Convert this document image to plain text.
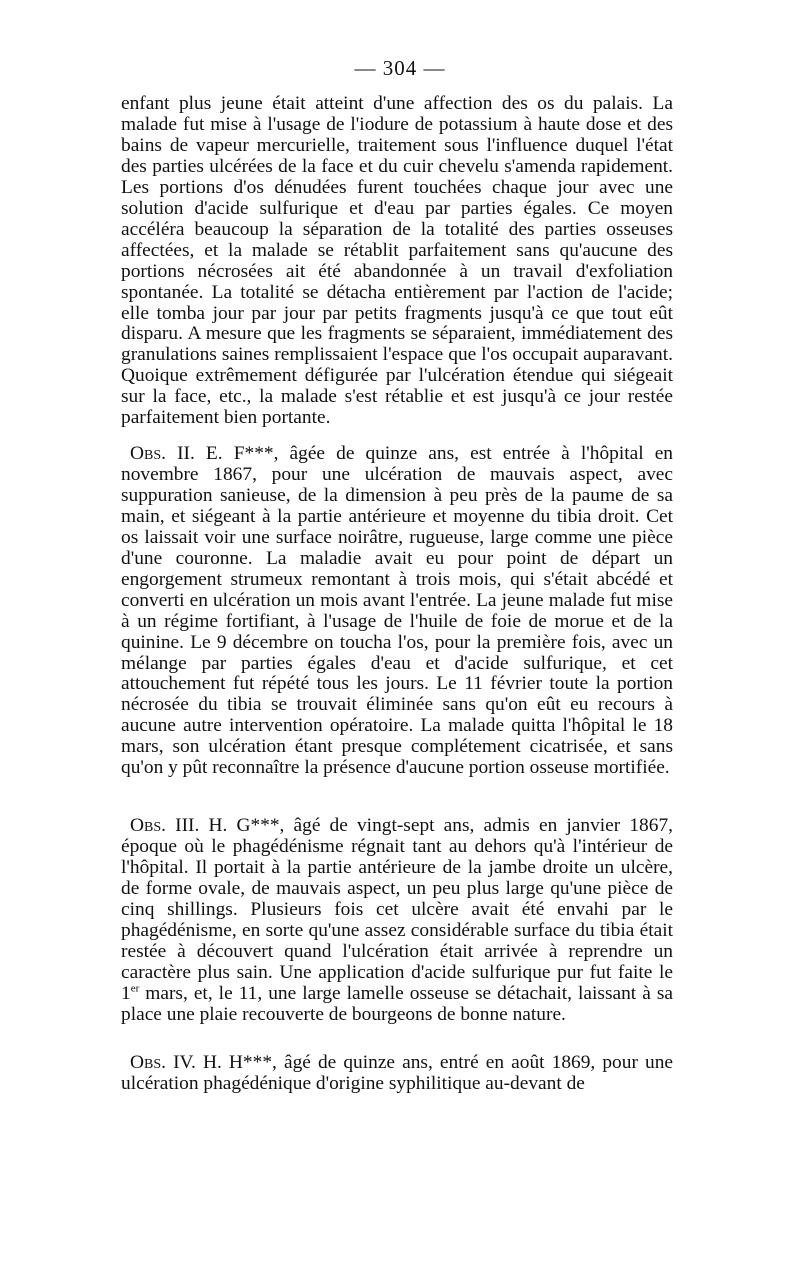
— 304 —

enfant plus jeune était atteint d'une affection des os du palais. La malade fut mise à l'usage de l'iodure de potassium à haute dose et des bains de vapeur mercurielle, traitement sous l'influence duquel l'état des parties ulcérées de la face et du cuir chevelu s'amenda rapidement. Les portions d'os dénudées furent touchées chaque jour avec une solution d'acide sulfurique et d'eau par parties égales. Ce moyen accéléra beaucoup la séparation de la totalité des parties osseuses affectées, et la malade se rétablit parfaitement sans qu'aucune des portions nécrosées ait été abandonnée à un travail d'exfoliation spontanée. La totalité se détacha entièrement par l'action de l'acide; elle tomba jour par jour par petits fragments jusqu'à ce que tout eût disparu. A mesure que les fragments se séparaient, immédiatement des granulations saines remplissaient l'espace que l'os occupait auparavant. Quoique extrêmement défigurée par l'ulcération étendue qui siégeait sur la face, etc., la malade s'est rétablie et est jusqu'à ce jour restée parfaitement bien portante.

Obs. II. E. F***, âgée de quinze ans, est entrée à l'hôpital en novembre 1867, pour une ulcération de mauvais aspect, avec suppuration sanieuse, de la dimension à peu près de la paume de sa main, et siégeant à la partie antérieure et moyenne du tibia droit. Cet os laissait voir une surface noirâtre, rugueuse, large comme une pièce d'une couronne. La maladie avait eu pour point de départ un engorgement strumeux remontant à trois mois, qui s'était abcédé et converti en ulcération un mois avant l'entrée. La jeune malade fut mise à un régime fortifiant, à l'usage de l'huile de foie de morue et de la quinine. Le 9 décembre on toucha l'os, pour la première fois, avec un mélange par parties égales d'eau et d'acide sulfurique, et cet attouchement fut répété tous les jours. Le 11 février toute la portion nécrosée du tibia se trouvait éliminée sans qu'on eût eu recours à aucune autre intervention opératoire. La malade quitta l'hôpital le 18 mars, son ulcération étant presque complétement cicatrisée, et sans qu'on y pût reconnaître la présence d'aucune portion osseuse mortifiée.

Obs. III. H. G***, âgé de vingt-sept ans, admis en janvier 1867, époque où le phagédénisme régnait tant au dehors qu'à l'intérieur de l'hôpital. Il portait à la partie antérieure de la jambe droite un ulcère, de forme ovale, de mauvais aspect, un peu plus large qu'une pièce de cinq shillings. Plusieurs fois cet ulcère avait été envahi par le phagédénisme, en sorte qu'une assez considérable surface du tibia était restée à découvert quand l'ulcération était arrivée à reprendre un caractère plus sain. Une application d'acide sulfurique pur fut faite le 1er mars, et, le 11, une large lamelle osseuse se détachait, laissant à sa place une plaie recouverte de bourgeons de bonne nature.

Obs. IV. H. H***, âgé de quinze ans, entré en août 1869, pour une ulcération phagédénique d'origine syphilitique au-devant de
